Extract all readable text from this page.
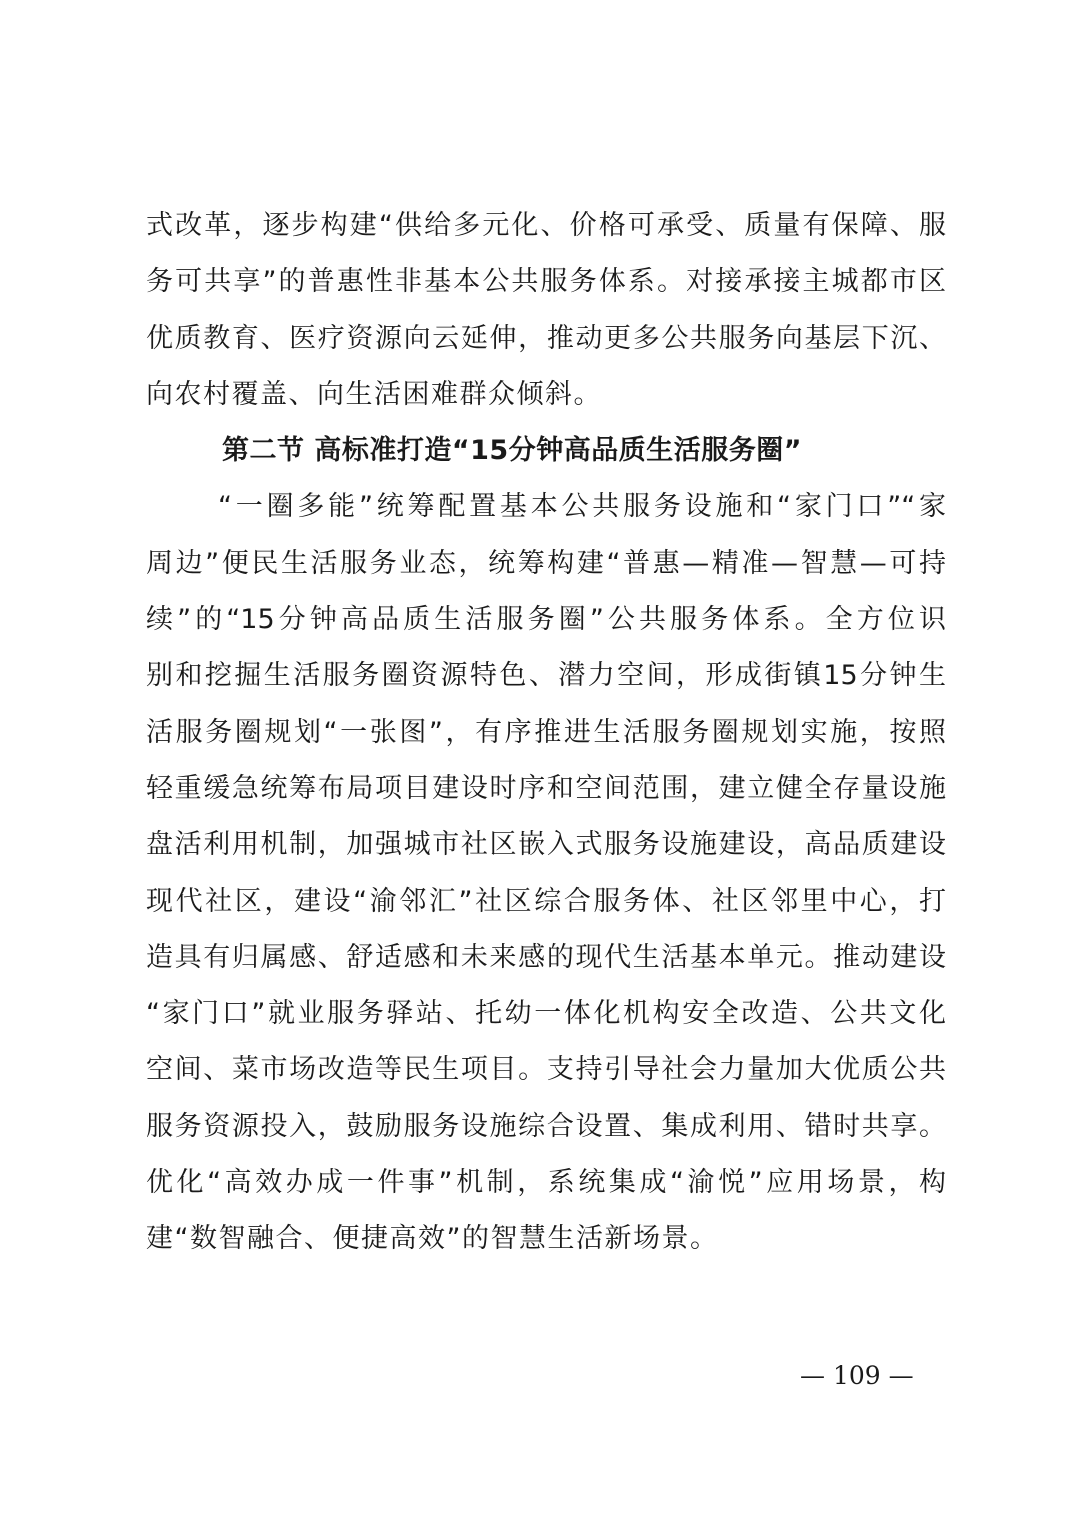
式改革，逐步构建“供给多元化、价格可承受、质量有保障、服
务可共享”的普惠性非基本公共服务体系。对接承接主城都市区
优质教育、医疗资源向云延伸，推动更多公共服务向基层下沉、
向农村覆盖、向生活困难群众倾斜。
第二节 高标准打造“15分钟高品质生活服务圈”
“一圈多能”统筹配置基本公共服务设施和“家门口”“家
周边”便民生活服务业态，统筹构建“普惠—精准—智慧—可持
续”的“15分钟高品质生活服务圈”公共服务体系。全方位识
别和挖掘生活服务圈资源特色、潜力空间，形成街镇15分钟生
活服务圈规划“一张图”，有序推进生活服务圈规划实施，按照
轻重缓急统筹布局项目建设时序和空间范围，建立健全存量设施
盘活利用机制，加强城市社区嵌入式服务设施建设，高品质建设
现代社区，建设“渝邻汇”社区综合服务体、社区邻里中心，打
造具有归属感、舒适感和未来感的现代生活基本单元。推动建设
“家门口”就业服务驿站、托幼一体化机构安全改造、公共文化
空间、菜市场改造等民生项目。支持引导社会力量加大优质公共
服务资源投入，鼓励服务设施综合设置、集成利用、错时共享。
优化“高效办成一件事”机制，系统集成“渝悦”应用场景，构
建“数智融合、便捷高效”的智慧生活新场景。
— 109 —
